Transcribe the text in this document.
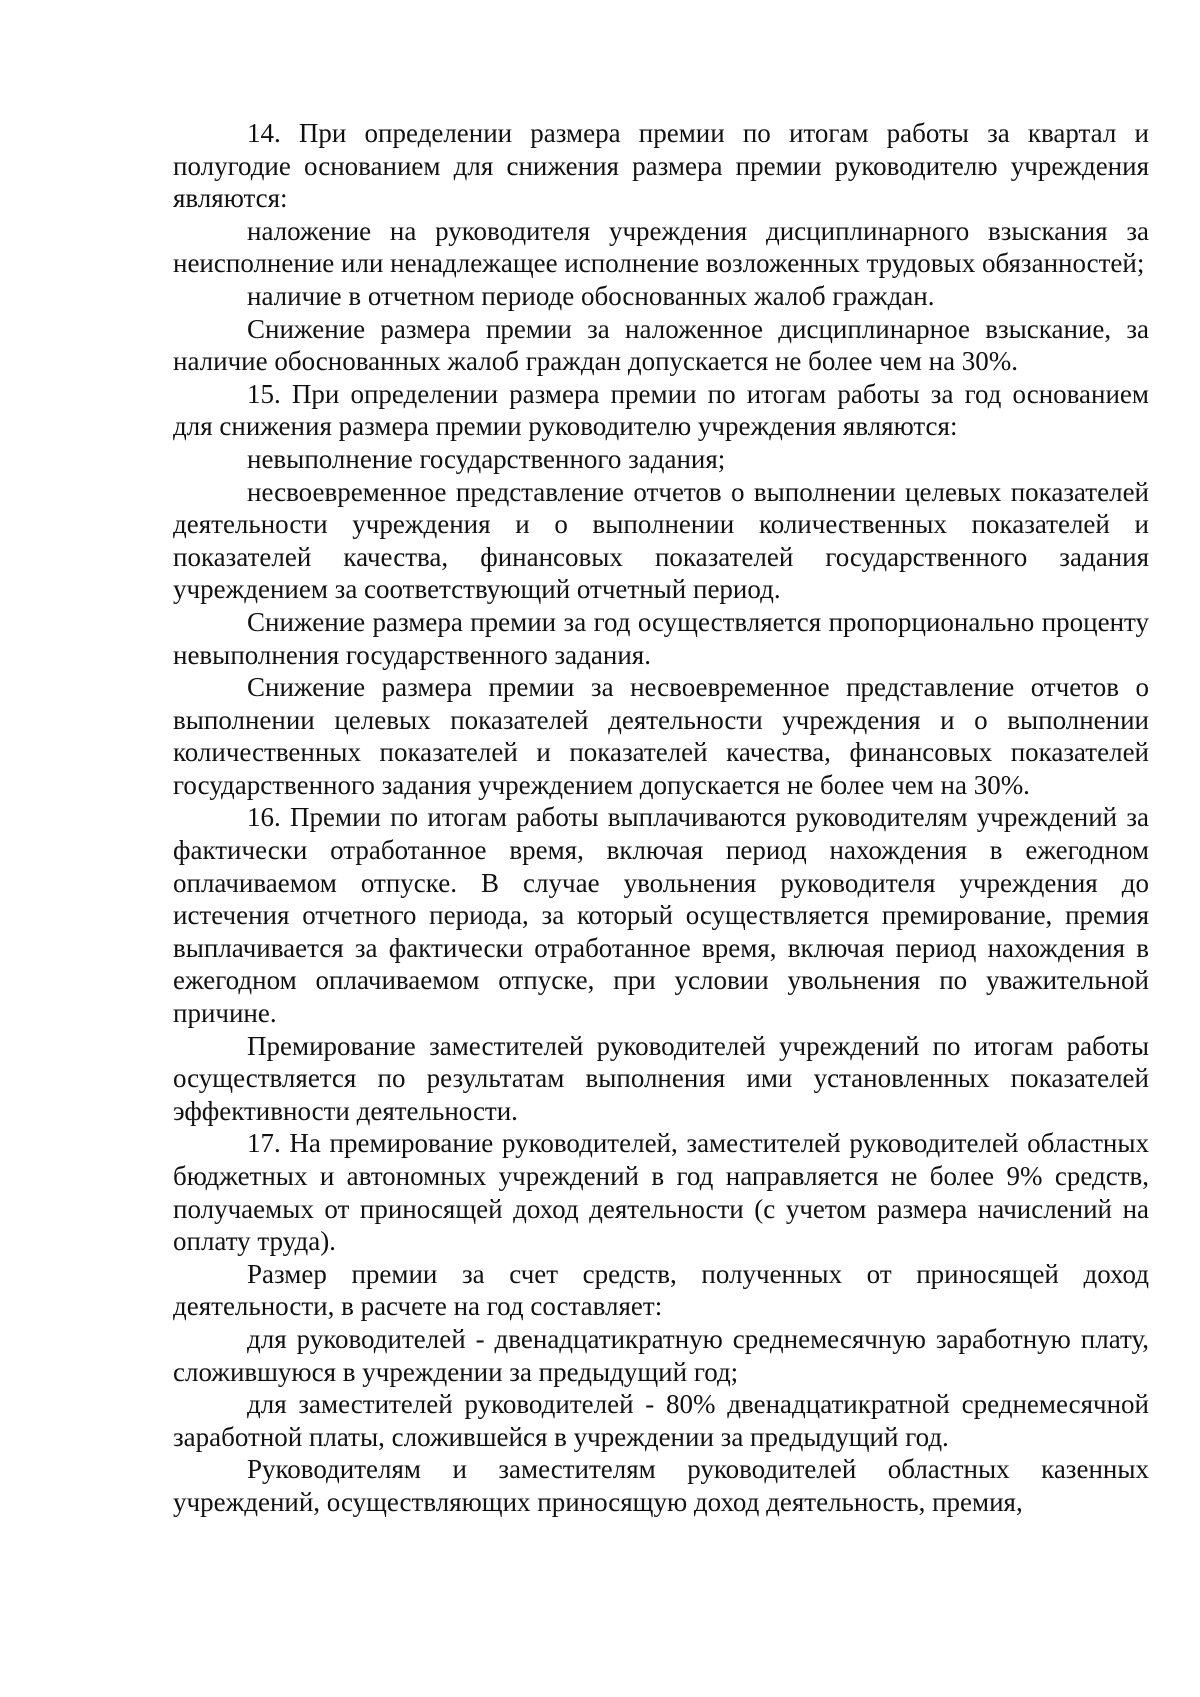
14. При определении размера премии по итогам работы за квартал и полугодие основанием для снижения размера премии руководителю учреждения являются:

наложение на руководителя учреждения дисциплинарного взыскания за неисполнение или ненадлежащее исполнение возложенных трудовых обязанностей;

наличие в отчетном периоде обоснованных жалоб граждан.

Снижение размера премии за наложенное дисциплинарное взыскание, за наличие обоснованных жалоб граждан допускается не более чем на 30%.

15. При определении размера премии по итогам работы за год основанием для снижения размера премии руководителю учреждения являются:

невыполнение государственного задания;

несвоевременное представление отчетов о выполнении целевых показателей деятельности учреждения и о выполнении количественных показателей и показателей качества, финансовых показателей государственного задания учреждением за соответствующий отчетный период.

Снижение размера премии за год осуществляется пропорционально проценту невыполнения государственного задания.

Снижение размера премии за несвоевременное представление отчетов о выполнении целевых показателей деятельности учреждения и о выполнении количественных показателей и показателей качества, финансовых показателей государственного задания учреждением допускается не более чем на 30%.

16. Премии по итогам работы выплачиваются руководителям учреждений за фактически отработанное время, включая период нахождения в ежегодном оплачиваемом отпуске. В случае увольнения руководителя учреждения до истечения отчетного периода, за который осуществляется премирование, премия выплачивается за фактически отработанное время, включая период нахождения в ежегодном оплачиваемом отпуске, при условии увольнения по уважительной причине.

Премирование заместителей руководителей учреждений по итогам работы осуществляется по результатам выполнения ими установленных показателей эффективности деятельности.

17. На премирование руководителей, заместителей руководителей областных бюджетных и автономных учреждений в год направляется не более 9% средств, получаемых от приносящей доход деятельности (с учетом размера начислений на оплату труда).

Размер премии за счет средств, полученных от приносящей доход деятельности, в расчете на год составляет:

для руководителей - двенадцатикратную среднемесячную заработную плату, сложившуюся в учреждении за предыдущий год;

для заместителей руководителей - 80% двенадцатикратной среднемесячной заработной платы, сложившейся в учреждении за предыдущий год.

Руководителям и заместителям руководителей областных казенных учреждений, осуществляющих приносящую доход деятельность, премия,
